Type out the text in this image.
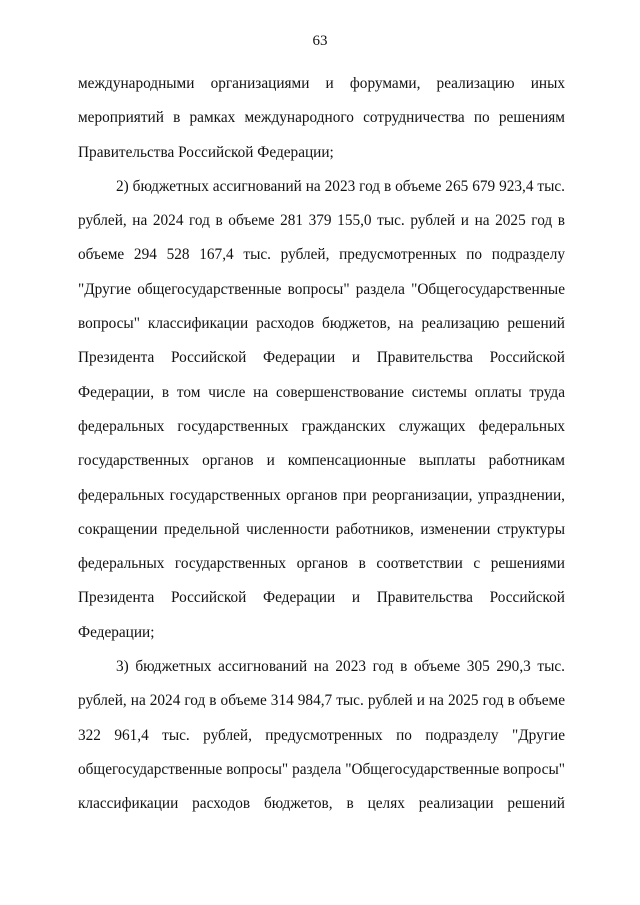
63
международными организациями и форумами, реализацию иных
мероприятий в рамках международного сотрудничества по решениям
Правительства Российской Федерации;
2) бюджетных ассигнований на 2023 год в объеме 265 679 923,4 тыс.
рублей, на 2024 год в объеме 281 379 155,0 тыс. рублей и на 2025 год в
объеме 294 528 167,4 тыс. рублей, предусмотренных по подразделу
"Другие общегосударственные вопросы" раздела "Общегосударственные
вопросы" классификации расходов бюджетов, на реализацию решений
Президента Российской Федерации и Правительства Российской
Федерации, в том числе на совершенствование системы оплаты труда
федеральных государственных гражданских служащих федеральных
государственных органов и компенсационные выплаты работникам
федеральных государственных органов при реорганизации, упразднении,
сокращении предельной численности работников, изменении структуры
федеральных государственных органов в соответствии с решениями
Президента Российской Федерации и Правительства Российской
Федерации;
3) бюджетных ассигнований на 2023 год в объеме 305 290,3 тыс.
рублей, на 2024 год в объеме 314 984,7 тыс. рублей и на 2025 год в объеме
322 961,4 тыс. рублей, предусмотренных по подразделу "Другие
общегосударственные вопросы" раздела "Общегосударственные вопросы"
классификации расходов бюджетов, в целях реализации решений
